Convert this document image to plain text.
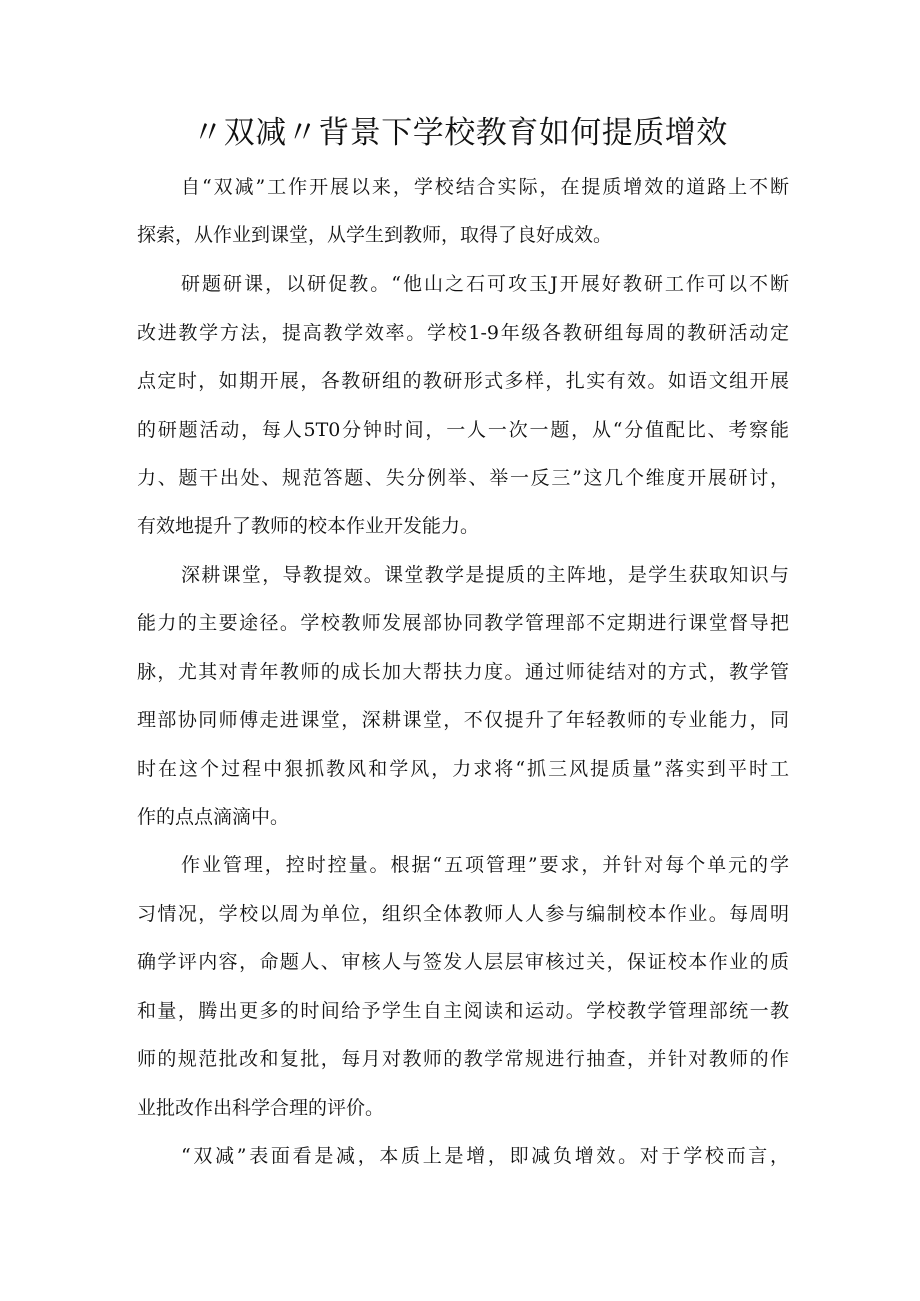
〃双减〃背景下学校教育如何提质增效
自“双减”工作开展以来，学校结合实际，在提质增效的道路上不断
探索，从作业到课堂，从学生到教师，取得了良好成效。
研题研课，以研促教。“他山之石可攻玉J开展好教研工作可以不断
改进教学方法，提高教学效率。学校1-9年级各教研组每周的教研活动定
点定时，如期开展，各教研组的教研形式多样，扎实有效。如语文组开展
的研题活动，每人5T0分钟时间，一人一次一题，从“分值配比、考察能
力、题干出处、规范答题、失分例举、举一反三”这几个维度开展研讨，
有效地提升了教师的校本作业开发能力。
深耕课堂，导教提效。课堂教学是提质的主阵地，是学生获取知识与
能力的主要途径。学校教师发展部协同教学管理部不定期进行课堂督导把
脉，尤其对青年教师的成长加大帮扶力度。通过师徒结对的方式，教学管
理部协同师傅走进课堂，深耕课堂，不仅提升了年轻教师的专业能力，同
时在这个过程中狠抓教风和学风，力求将“抓三风提质量”落实到平时工
作的点点滴滴中。
作业管理，控时控量。根据“五项管理”要求，并针对每个单元的学
习情况，学校以周为单位，组织全体教师人人参与编制校本作业。每周明
确学评内容，命题人、审核人与签发人层层审核过关，保证校本作业的质
和量，腾出更多的时间给予学生自主阅读和运动。学校教学管理部统一教
师的规范批改和复批，每月对教师的教学常规进行抽查，并针对教师的作
业批改作出科学合理的评价。
“双减”表面看是减，本质上是增，即减负增效。对于学校而言，
